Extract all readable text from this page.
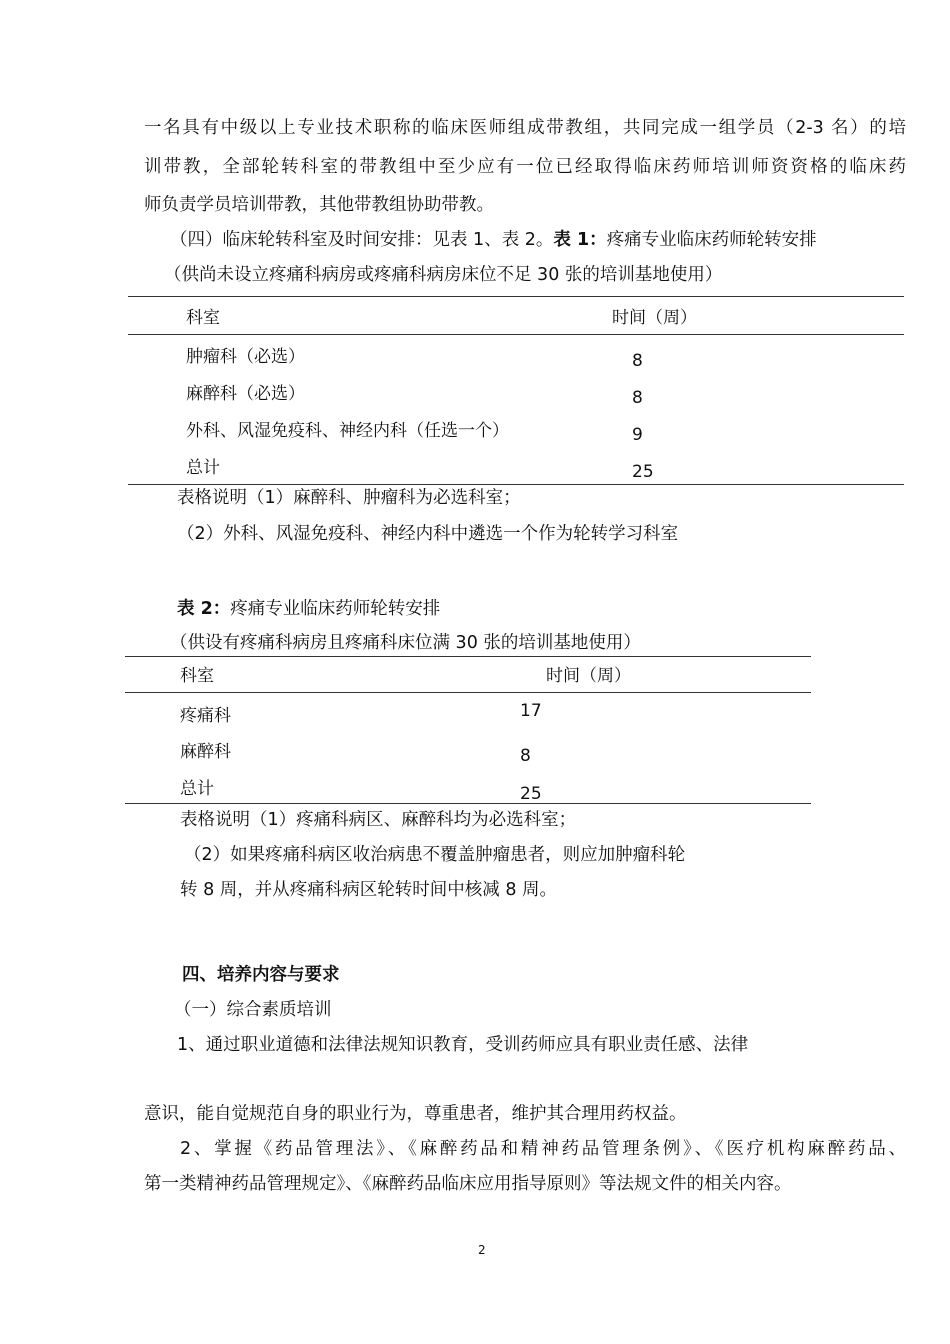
一名具有中级以上专业技术职称的临床医师组成带教组，共同完成一组学员（2-3 名）的培
训带教，全部轮转科室的带教组中至少应有一位已经取得临床药师培训师资资格的临床药
师负责学员培训带教，其他带教组协助带教。
（四）临床轮转科室及时间安排：见表 1、表 2。表 1：疼痛专业临床药师轮转安排
（供尚未设立疼痛科病房或疼痛科病房床位不足 30 张的培训基地使用）
科室	时间（周）
肿瘤科（必选）	8
麻醉科（必选）	8
外科、风湿免疫科、神经内科（任选一个）	9
总计	25
表格说明（1）麻醉科、肿瘤科为必选科室；
（2）外科、风湿免疫科、神经内科中遴选一个作为轮转学习科室
表 2：疼痛专业临床药师轮转安排
（供设有疼痛科病房且疼痛科床位满 30 张的培训基地使用）
科室	时间（周）
疼痛科	17
麻醉科	8
总计	25
表格说明（1）疼痛科病区、麻醉科均为必选科室；
（2）如果疼痛科病区收治病患不覆盖肿瘤患者，则应加肿瘤科轮
转 8 周，并从疼痛科病区轮转时间中核减 8 周。
四、培养内容与要求
（一）综合素质培训
1、通过职业道德和法律法规知识教育，受训药师应具有职业责任感、法律
意识，能自觉规范自身的职业行为，尊重患者，维护其合理用药权益。
2、掌握《药品管理法》、《麻醉药品和精神药品管理条例》、《医疗机构麻醉药品、
第一类精神药品管理规定》、《麻醉药品临床应用指导原则》等法规文件的相关内容。
2
